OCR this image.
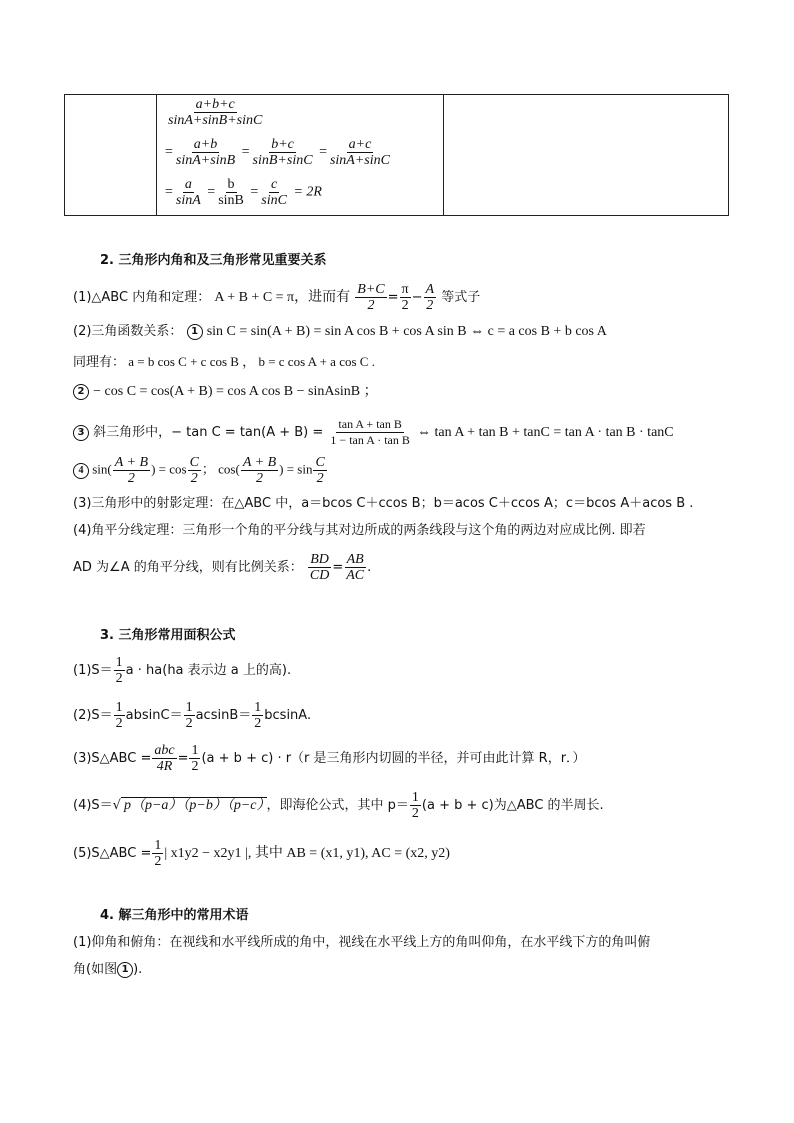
$\frac{a+b+c}{\sin A+\sin B+\sin C}$
= $\frac{a+b}{\sin A+\sin B} = \frac{b+c}{\sin B+\sin C} = \frac{a+c}{\sin A+\sin C}$
= $\frac{a}{\sin A} = \frac{b}{\sin B} = \frac{c}{\sin C} = 2R$
2. 三角形内角和及三角形常见重要关系
(1)△ABC 内角和定理： A + B + C = π，进而有 $\frac{B+C}{2} = \frac{\pi}{2} - \frac{A}{2}$ 等式子
(2)三角函数关系： 1 sin C = sin(A + B) = sin A cos B + cos A sin B ⇔ c = a cos B + b cos A
同理有： a = b cos C + c cos B ， b = c cos A + a cos C .
2 − cos C = cos(A + B) = cos A cos B − sinAsinB ；
3 斜三角形中，− $\tan C = \tan(A + B) = \frac{\text{tan A + tan B}}{\text{1 − tan A · tan B}}$ ⇔ tan A + tan B + tanC = tan A · tan B · tanC
4 $\sin( \frac{A + B}{2}$ ) = $\cos \frac{C}{2}$ ； $\cos( \frac{A + B}{2}$ ) = $\sin \frac{C}{2}$
(3)三角形中的射影定理：在△ABC 中，a＝bcos C＋ccos B；b＝acos C＋ccos A；c＝bcos A＋acos B .
(4)角平分线定理：三角形一个角的平分线与其对边所成的两条线段与这个角的两边对应成比例. 即若
AD 为∠A 的角平分线，则有比例关系： $\frac{BD}{CD} = \frac{AB}{AC}$ .
3. 三角形常用面积公式
$(1)S= \frac{1}{2}$ a · ha(ha 表示边 a 上的高).
$(2)S= \frac{1}{2} absinC= \frac{1}{2} acsinB= \frac{1}{2} bcsinA$.
(3)S△ABC = $\frac{\text{abc}}{4R} = \frac{1}{2} (a + b + c) \cdot r(r$ 是三角形内切圆的半径，并可由此计算 R，r．）
(4)S＝√ p（p−a）（p−b）（p−c） ，即海伦公式，其中 $p= \frac{1}{2} (a + b + c)$为△ABC 的半周长.
(5)S△ABC = $\frac{1}{2}$ | x1y2 − x2y1 |, 其中 AB = (x1, y1), AC = (x2, y2)
4. 解三角形中的常用术语
(1)仰角和俯角：在视线和水平线所成的角中，视线在水平线上方的角叫仰角，在水平线下方的角叫俯
角(如图 1 ).
